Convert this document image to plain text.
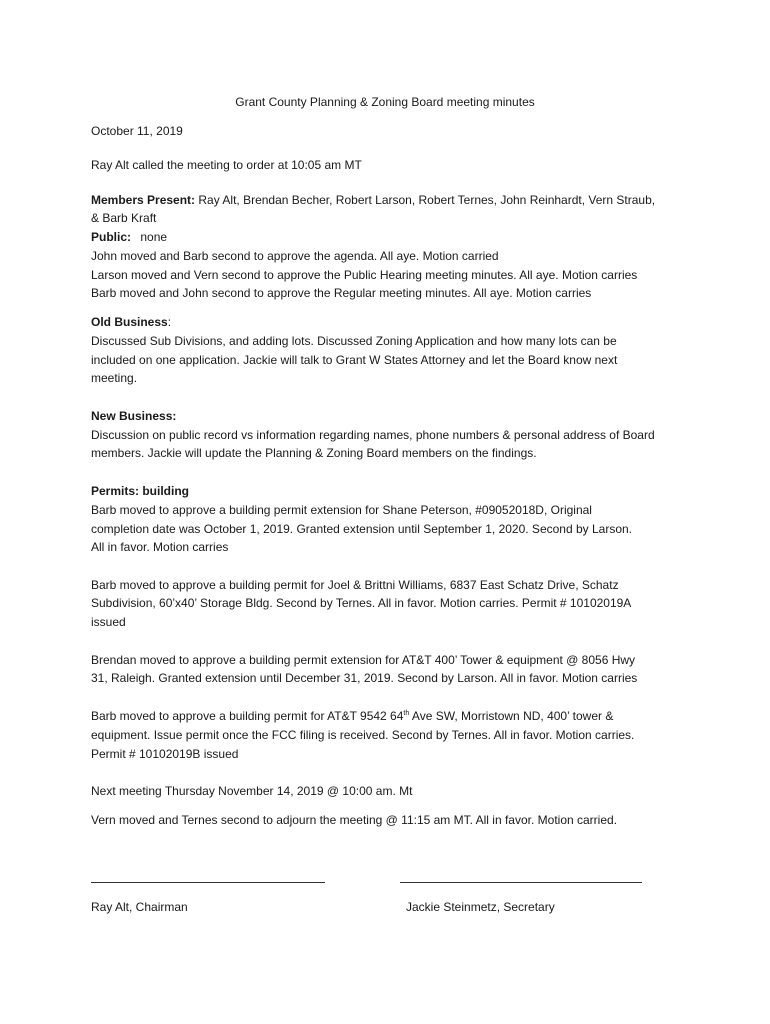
Grant County Planning & Zoning Board meeting minutes
October 11, 2019
Ray Alt called the meeting to order at 10:05 am MT
Members Present: Ray Alt, Brendan Becher, Robert Larson, Robert Ternes, John Reinhardt, Vern Straub,
& Barb Kraft
Public: none
John moved and Barb second to approve the agenda. All aye. Motion carried
Larson moved and Vern second to approve the Public Hearing meeting minutes. All aye. Motion carries
Barb moved and John second to approve the Regular meeting minutes. All aye. Motion carries
Old Business:
Discussed Sub Divisions, and adding lots. Discussed Zoning Application and how many lots can be
included on one application. Jackie will talk to Grant W States Attorney and let the Board know next
meeting.
New Business:
Discussion on public record vs information regarding names, phone numbers & personal address of Board
members. Jackie will update the Planning & Zoning Board members on the findings.
Permits: building
Barb moved to approve a building permit extension for Shane Peterson, #09052018D, Original
completion date was October 1, 2019. Granted extension until September 1, 2020. Second by Larson.
All in favor. Motion carries
Barb moved to approve a building permit for Joel & Brittni Williams, 6837 East Schatz Drive, Schatz
Subdivision, 60’x40’ Storage Bldg. Second by Ternes. All in favor. Motion carries. Permit # 10102019A
issued
Brendan moved to approve a building permit extension for AT&T 400’ Tower & equipment @ 8056 Hwy
31, Raleigh. Granted extension until December 31, 2019. Second by Larson. All in favor. Motion carries
Barb moved to approve a building permit for AT&T 9542 64th Ave SW, Morristown ND, 400’ tower &
equipment. Issue permit once the FCC filing is received. Second by Ternes. All in favor. Motion carries.
Permit # 10102019B issued
Next meeting Thursday November 14, 2019 @ 10:00 am. Mt
Vern moved and Ternes second to adjourn the meeting @ 11:15 am MT. All in favor. Motion carried.
Ray Alt, Chairman	Jackie Steinmetz, Secretary
